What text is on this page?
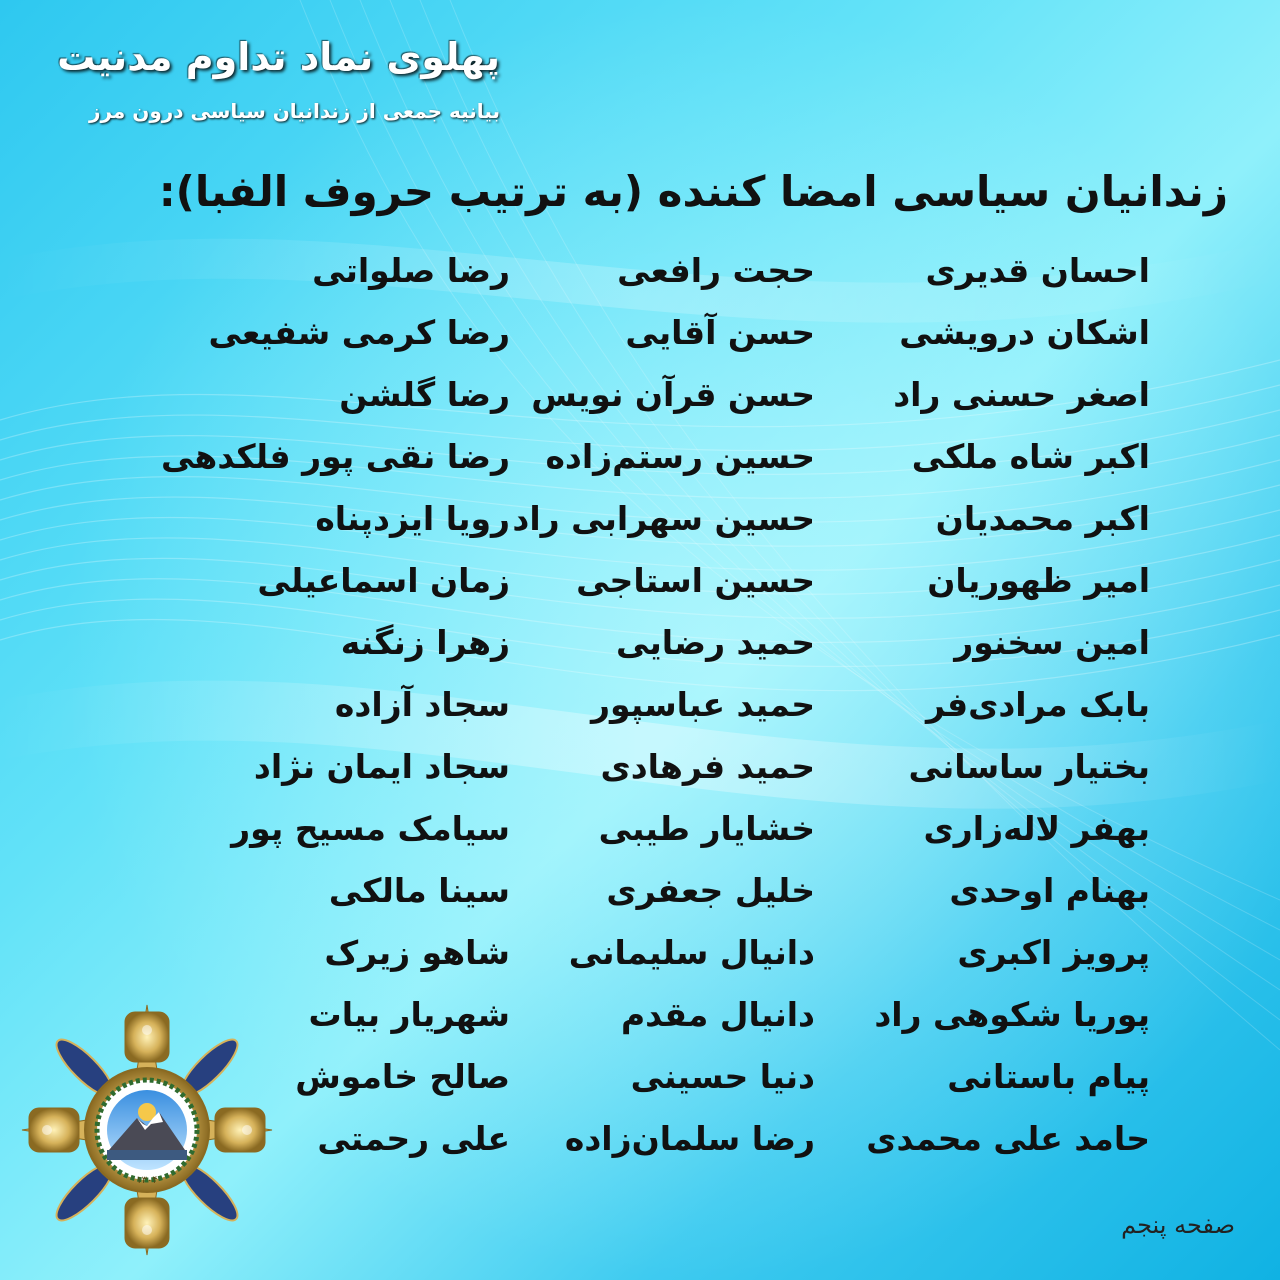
پهلوی نماد تداوم مدنیت
بیانیه جمعی از زندانیان سیاسی درون مرز
زندانیان سیاسی امضا کننده (به ترتیب حروف الفبا):
احسان قدیری
اشکان درویشی
اصغر حسنی راد
اکبر شاه ملکی
اکبر محمدیان
امیر ظهوریان
امین سخنور
بابک مرادی‌فر
بختیار ساسانی
بهفر لاله‌زاری
بهنام اوحدی
پرویز اکبری
پوریا شکوهی راد
پیام باستانی
حامد علی محمدی
حجت رافعی
حسن آقایی
حسن قرآن نویس
حسین رستم‌زاده
حسین سهرابی راد
حسین استاجی
حمید رضایی
حمید عباسپور
حمید فرهادی
خشایار طیبی
خلیل جعفری
دانیال سلیمانی
دانیال مقدم
دنیا حسینی
رضا سلمان‌زاده
رضا صلواتی
رضا کرمی شفیعی
رضا گلشن
رضا نقی پور فلکدهی
رویا ایزدپناه
زمان اسماعیلی
زهرا زنگنه
سجاد آزاده
سجاد ایمان نژاد
سیامک مسیح پور
سینا مالکی
شاهو زیرک
شهریار بیات
صالح خاموش
علی رحمتی
۱۳۰۴
صفحه پنجم
